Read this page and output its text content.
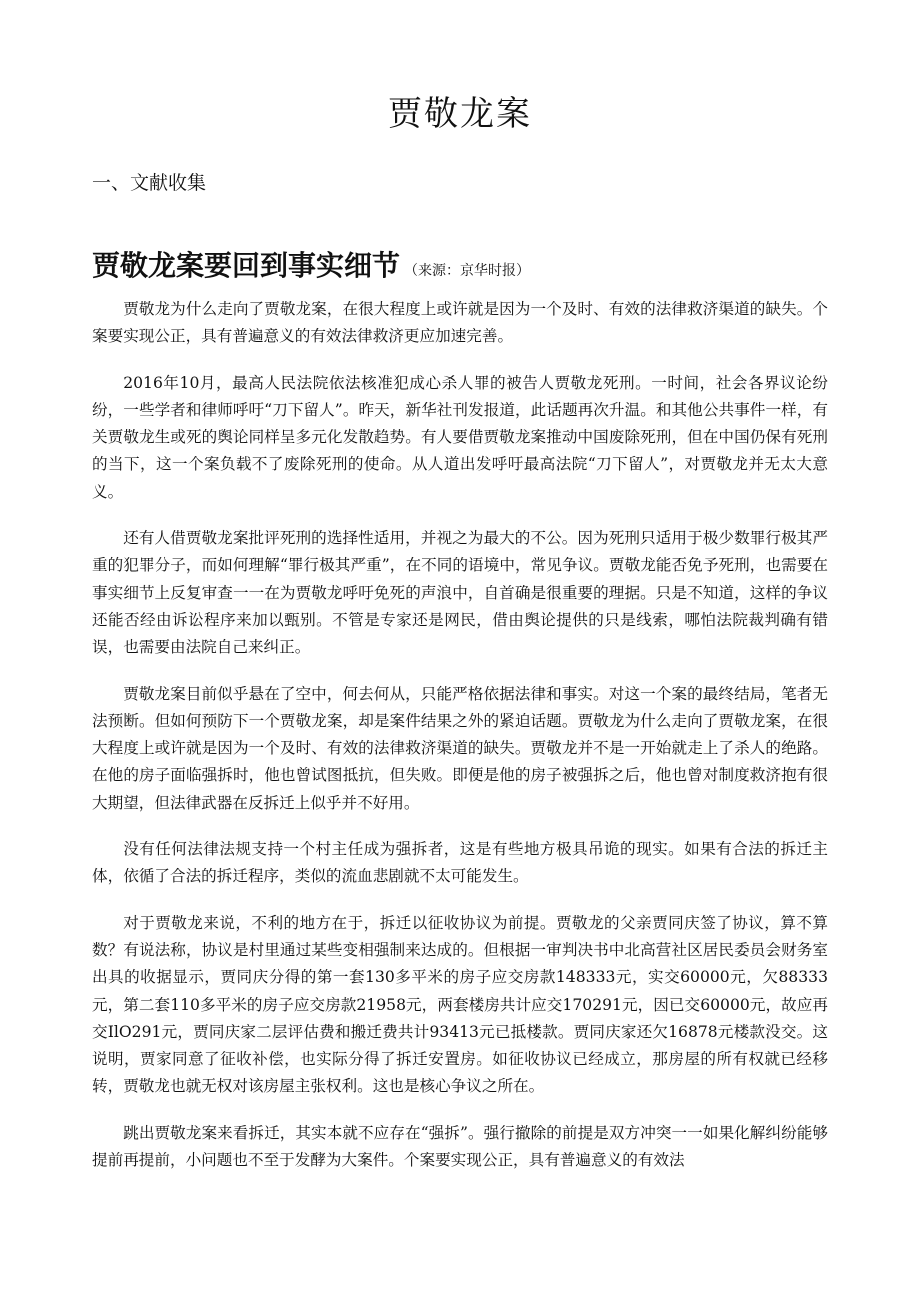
贾敬龙案
一、文献收集
贾敬龙案要回到事实细节 （来源：京华时报）

贾敬龙为什么走向了贾敬龙案，在很大程度上或许就是因为一个及时、有效的法律救济渠道的缺失。个案要实现公正，具有普遍意义的有效法律救济更应加速完善。

2016年10月，最高人民法院依法核准犯成心杀人罪的被告人贾敬龙死刑。一时间，社会各界议论纷纷，一些学者和律师呼吁“刀下留人”。昨天，新华社刊发报道，此话题再次升温。和其他公共事件一样，有关贾敬龙生或死的舆论同样呈多元化发散趋势。有人要借贾敬龙案推动中国废除死刑，但在中国仍保有死刑的当下，这一个案负载不了废除死刑的使命。从人道出发呼吁最高法院“刀下留人”，对贾敬龙并无太大意义。

还有人借贾敬龙案批评死刑的选择性适用，并视之为最大的不公。因为死刑只适用于极少数罪行极其严重的犯罪分子，而如何理解“罪行极其严重”，在不同的语境中，常见争议。贾敬龙能否免予死刑，也需要在事实细节上反复审查一一在为贾敬龙呼吁免死的声浪中，自首确是很重要的理据。只是不知道，这样的争议还能否经由诉讼程序来加以甄别。不管是专家还是网民，借由舆论提供的只是线索，哪怕法院裁判确有错误，也需要由法院自己来纠正。

贾敬龙案目前似乎悬在了空中，何去何从，只能严格依据法律和事实。对这一个案的最终结局，笔者无法预断。但如何预防下一个贾敬龙案，却是案件结果之外的紧迫话题。贾敬龙为什么走向了贾敬龙案，在很大程度上或许就是因为一个及时、有效的法律救济渠道的缺失。贾敬龙并不是一开始就走上了杀人的绝路。在他的房子面临强拆时，他也曾试图抵抗，但失败。即便是他的房子被强拆之后，他也曾对制度救济抱有很大期望，但法律武器在反拆迁上似乎并不好用。

没有任何法律法规支持一个村主任成为强拆者，这是有些地方极具吊诡的现实。如果有合法的拆迁主体，依循了合法的拆迁程序，类似的流血悲剧就不太可能发生。

对于贾敬龙来说，不利的地方在于，拆迁以征收协议为前提。贾敬龙的父亲贾同庆签了协议，算不算数？有说法称，协议是村里通过某些变相强制来达成的。但根据一审判决书中北高营社区居民委员会财务室出具的收据显示，贾同庆分得的第一套130多平米的房子应交房款148333元，实交60000元，欠88333元，第二套110多平米的房子应交房款21958元，两套楼房共计应交170291元，因已交60000元，故应再交IlO291元，贾同庆家二层评估费和搬迁费共计93413元已抵楼款。贾同庆家还欠16878元楼款没交。这说明，贾家同意了征收补偿，也实际分得了拆迁安置房。如征收协议已经成立，那房屋的所有权就已经移转，贾敬龙也就无权对该房屋主张权利。这也是核心争议之所在。

跳出贾敬龙案来看拆迁，其实本就不应存在“强拆”。强行撤除的前提是双方冲突一一如果化解纠纷能够提前再提前，小问题也不至于发酵为大案件。个案要实现公正，具有普遍意义的有效法
